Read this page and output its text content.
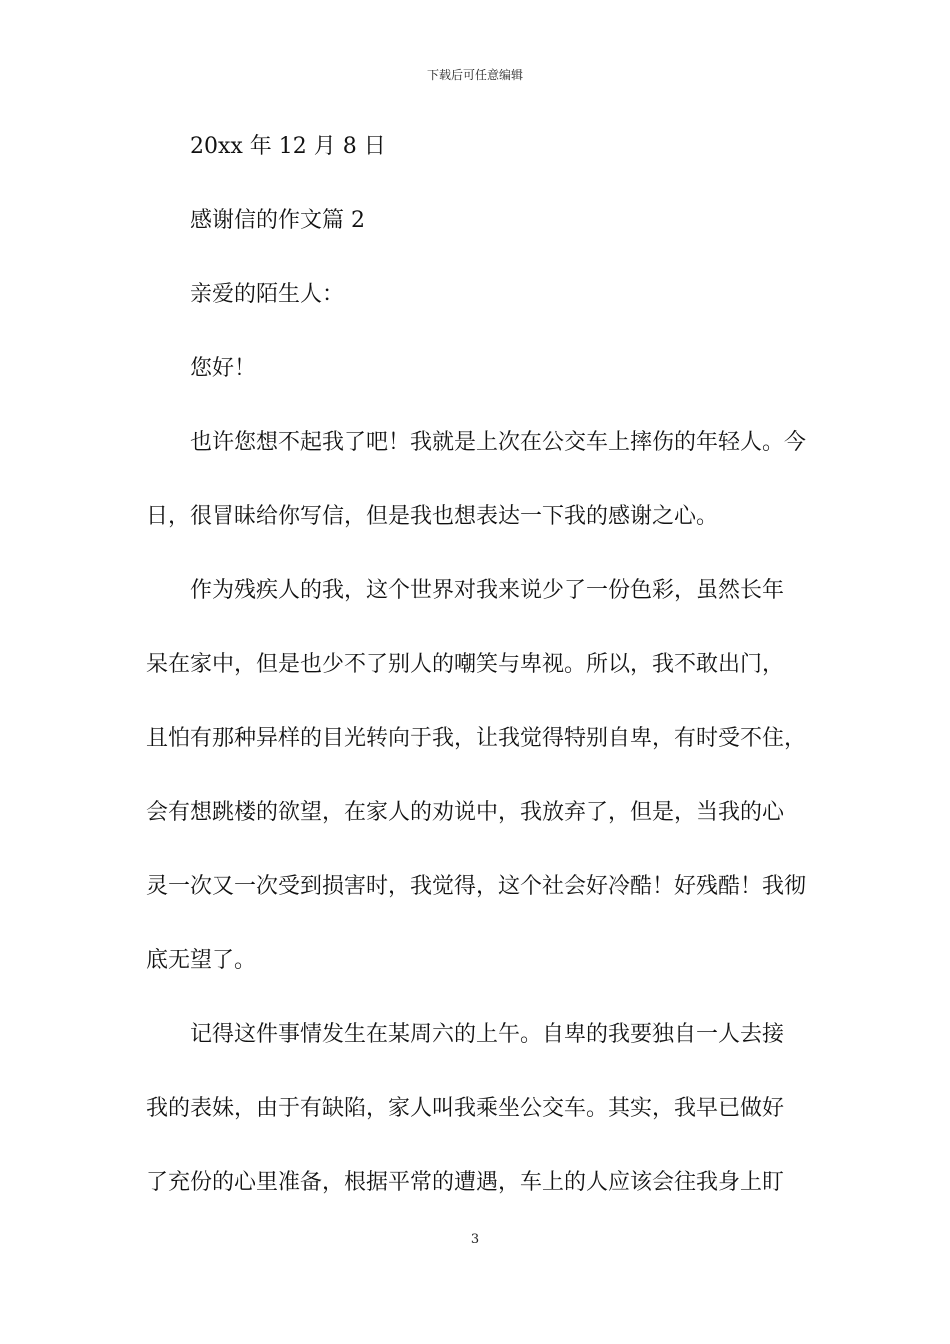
下载后可任意编辑
20xx 年 12 月 8 日
感谢信的作文篇 2
亲爱的陌生人：
您好！
也许您想不起我了吧！我就是上次在公交车上摔伤的年轻人。今
日，很冒昧给你写信，但是我也想表达一下我的感谢之心。
作为残疾人的我，这个世界对我来说少了一份色彩，虽然长年
呆在家中，但是也少不了别人的嘲笑与卑视。所以，我不敢出门，
且怕有那种异样的目光转向于我，让我觉得特别自卑，有时受不住，
会有想跳楼的欲望，在家人的劝说中，我放弃了，但是，当我的心
灵一次又一次受到损害时，我觉得，这个社会好冷酷！好残酷！我彻
底无望了。
记得这件事情发生在某周六的上午。自卑的我要独自一人去接
我的表妹，由于有缺陷，家人叫我乘坐公交车。其实，我早已做好
了充份的心里准备，根据平常的遭遇，车上的人应该会往我身上盯
3
